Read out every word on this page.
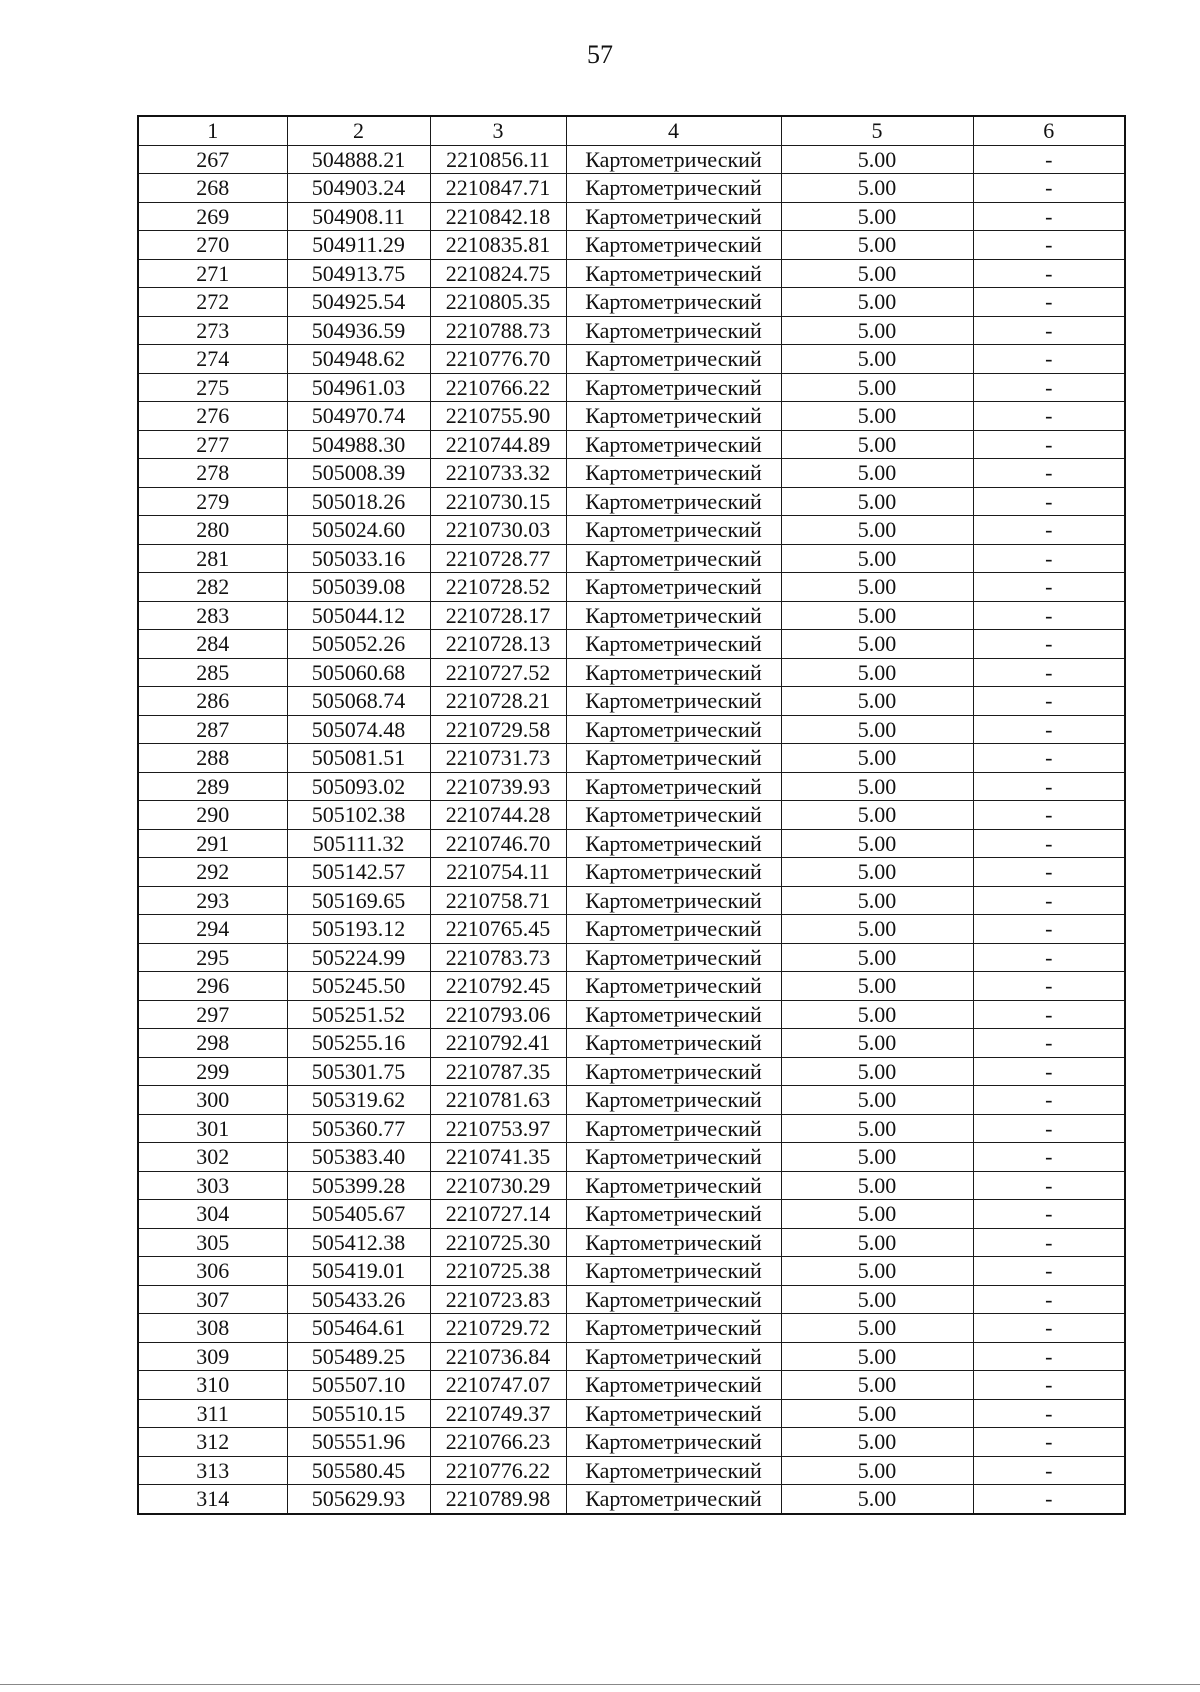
57
1	2	3	4	5	6
267	504888.21	2210856.11	Картометрический	5.00	-
268	504903.24	2210847.71	Картометрический	5.00	-
269	504908.11	2210842.18	Картометрический	5.00	-
270	504911.29	2210835.81	Картометрический	5.00	-
271	504913.75	2210824.75	Картометрический	5.00	-
272	504925.54	2210805.35	Картометрический	5.00	-
273	504936.59	2210788.73	Картометрический	5.00	-
274	504948.62	2210776.70	Картометрический	5.00	-
275	504961.03	2210766.22	Картометрический	5.00	-
276	504970.74	2210755.90	Картометрический	5.00	-
277	504988.30	2210744.89	Картометрический	5.00	-
278	505008.39	2210733.32	Картометрический	5.00	-
279	505018.26	2210730.15	Картометрический	5.00	-
280	505024.60	2210730.03	Картометрический	5.00	-
281	505033.16	2210728.77	Картометрический	5.00	-
282	505039.08	2210728.52	Картометрический	5.00	-
283	505044.12	2210728.17	Картометрический	5.00	-
284	505052.26	2210728.13	Картометрический	5.00	-
285	505060.68	2210727.52	Картометрический	5.00	-
286	505068.74	2210728.21	Картометрический	5.00	-
287	505074.48	2210729.58	Картометрический	5.00	-
288	505081.51	2210731.73	Картометрический	5.00	-
289	505093.02	2210739.93	Картометрический	5.00	-
290	505102.38	2210744.28	Картометрический	5.00	-
291	505111.32	2210746.70	Картометрический	5.00	-
292	505142.57	2210754.11	Картометрический	5.00	-
293	505169.65	2210758.71	Картометрический	5.00	-
294	505193.12	2210765.45	Картометрический	5.00	-
295	505224.99	2210783.73	Картометрический	5.00	-
296	505245.50	2210792.45	Картометрический	5.00	-
297	505251.52	2210793.06	Картометрический	5.00	-
298	505255.16	2210792.41	Картометрический	5.00	-
299	505301.75	2210787.35	Картометрический	5.00	-
300	505319.62	2210781.63	Картометрический	5.00	-
301	505360.77	2210753.97	Картометрический	5.00	-
302	505383.40	2210741.35	Картометрический	5.00	-
303	505399.28	2210730.29	Картометрический	5.00	-
304	505405.67	2210727.14	Картометрический	5.00	-
305	505412.38	2210725.30	Картометрический	5.00	-
306	505419.01	2210725.38	Картометрический	5.00	-
307	505433.26	2210723.83	Картометрический	5.00	-
308	505464.61	2210729.72	Картометрический	5.00	-
309	505489.25	2210736.84	Картометрический	5.00	-
310	505507.10	2210747.07	Картометрический	5.00	-
311	505510.15	2210749.37	Картометрический	5.00	-
312	505551.96	2210766.23	Картометрический	5.00	-
313	505580.45	2210776.22	Картометрический	5.00	-
314	505629.93	2210789.98	Картометрический	5.00	-
